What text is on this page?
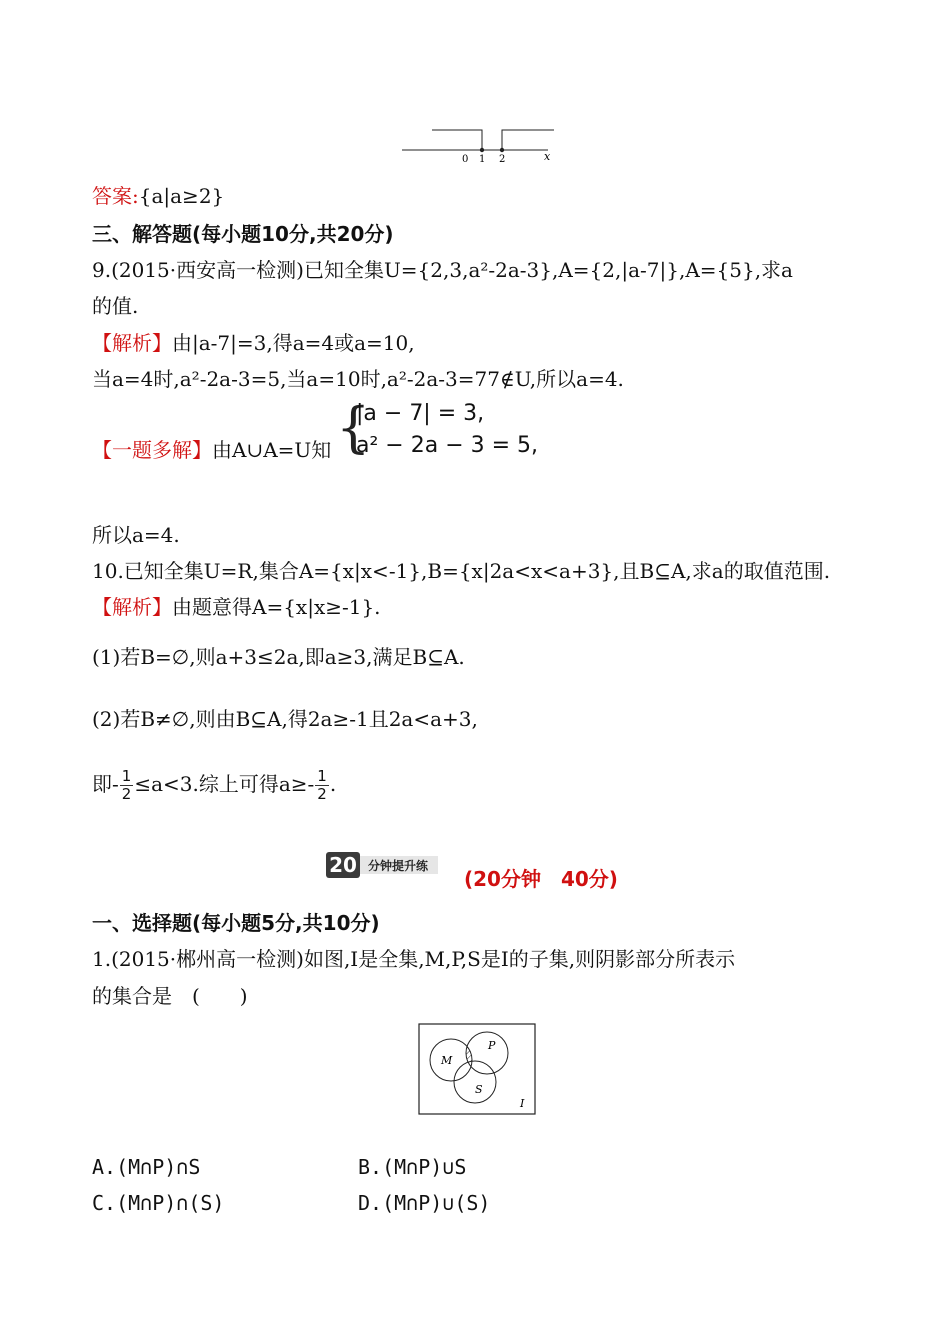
0 1 2	x
答案:{a|a≥2}
三、解答题(每小题10分,共20分)
9.(2015·西安高一检测)已知全集U={2,3,a²-2a-3},A={2,|a-7|},A={5},求a
的值.
【解析】由|a-7|=3,得a=4或a=10,
当a=4时,a²-2a-3=5,当a=10时,a²-2a-3=77∉U,所以a=4.
【一题多解】由A∪A=U知 {
|a − 7| = 3,
a² − 2a − 3 = 5,
所以a=4.
10.已知全集U=R,集合A={x|x<-1},B={x|2a<x<a+3},且B⊆A,求a的取值范围.
【解析】由题意得A={x|x≥-1}.
(1)若B=∅,则a+3≤2a,即a≥3,满足B⊆A.
(2)若B≠∅,则由B⊆A,得2a≥-1且2a<a+3,
即- $\frac{1}{2} \le a<3$.综上可得$a\ge- \frac{1}{2}$ .
20 分钟提升练
(20分钟　40分)
一、选择题(每小题5分,共10分)
1.(2015·郴州高一检测)如图,I是全集,M,P,S是I的子集,则阴影部分所表示
的集合是　(　　)
M
P
S
I
A.(M∩P)∩S	B.(M∩P)∪S
C.(M∩P)∩(S)	D.(M∩P)∪(S)
